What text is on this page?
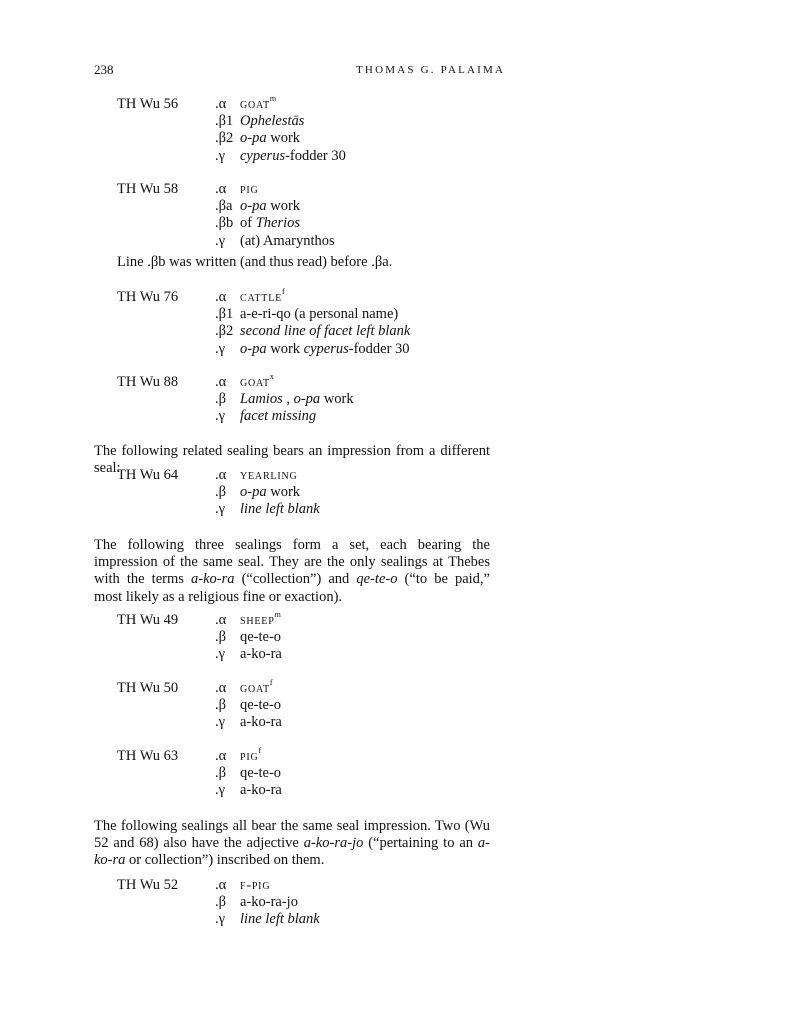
238	THOMAS G. PALAIMA
TH Wu 56	.α goat$^m$
.β1 Ophelestās
.β2 o-pa work
.γ	cyperus-fodder 30
TH Wu 58	.α pig
.βa o-pa work
.βb of Therios
.γ	(at) Amarynthos
Line .βb was written (and thus read) before .βa.
TH Wu 76	.α cattle$^f$
.β1 a-e-ri-qo (a personal name)
.β2 second line of facet left blank
.γ	o-pa work cyperus-fodder 30
TH Wu 88	.α goat$^x$
.β Lamios , o-pa work
.γ	facet missing
The following related sealing bears an impression from a different seal:
TH Wu 64	.α yearling
.β o-pa work
.γ	line left blank
The following three sealings form a set, each bearing the impression of the same seal. They are the only sealings at Thebes with the terms a-ko-ra (“collection”) and qe-te-o (“to be paid,” most likely as a religious fine or exaction).
TH Wu 49	.α sheep$^m$
.β qe-te-o
.γ	a-ko-ra
TH Wu 50	.α goat$^f$
.β qe-te-o
.γ	a-ko-ra
TH Wu 63	.α pig$^f$
.β qe-te-o
.γ	a-ko-ra
The following sealings all bear the same seal impression. Two (Wu 52 and 68) also have the adjective a-ko-ra-jo (“pertaining to an a-ko-ra or collection”) inscribed on them.
TH Wu 52	.α f-pig
.β a-ko-ra-jo
.γ	line left blank
